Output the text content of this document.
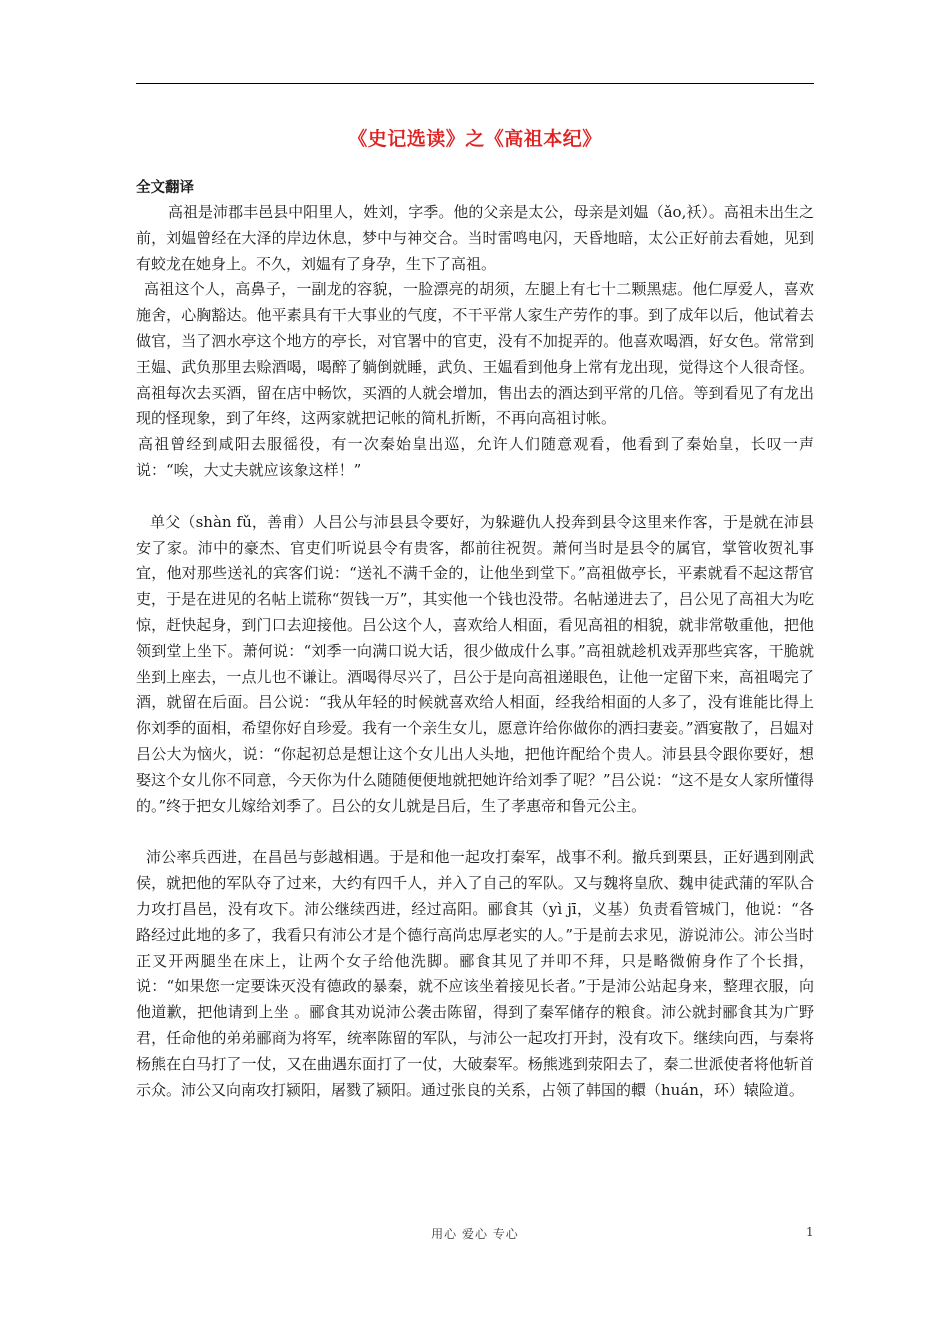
《史记选读》之《高祖本纪》
全文翻译

高祖是沛郡丰邑县中阳里人，姓刘，字季。他的父亲是太公，母亲是刘媪（ǎo,袄）。高祖未出生之前，刘媪曾经在大泽的岸边休息，梦中与神交合。当时雷鸣电闪，天昏地暗，太公正好前去看她，见到有蛟龙在她身上。不久，刘媪有了身孕，生下了高祖。

高祖这个人，高鼻子，一副龙的容貌，一脸漂亮的胡须，左腿上有七十二颗黑痣。他仁厚爱人，喜欢施舍，心胸豁达。他平素具有干大事业的气度，不干平常人家生产劳作的事。到了成年以后，他试着去做官，当了泗水亭这个地方的亭长，对官署中的官吏，没有不加捉弄的。他喜欢喝酒，好女色。常常到王媪、武负那里去赊酒喝，喝醉了躺倒就睡，武负、王媪看到他身上常有龙出现，觉得这个人很奇怪。高祖每次去买酒，留在店中畅饮，买酒的人就会增加，售出去的酒达到平常的几倍。等到看见了有龙出现的怪现象，到了年终，这两家就把记帐的简札折断，不再向高祖讨帐。

高祖曾经到咸阳去服徭役，有一次秦始皇出巡，允许人们随意观看，他看到了秦始皇，长叹一声说：“唉，大丈夫就应该象这样！”

单父（shàn fǔ，善甫）人吕公与沛县县令要好，为躲避仇人投奔到县令这里来作客，于是就在沛县安了家。沛中的豪杰、官吏们听说县令有贵客，都前往祝贺。萧何当时是县令的属官，掌管收贺礼事宜，他对那些送礼的宾客们说：“送礼不满千金的，让他坐到堂下。”高祖做亭长，平素就看不起这帮官吏，于是在进见的名帖上谎称“贺钱一万”，其实他一个钱也没带。名帖递进去了，吕公见了高祖大为吃惊，赶快起身，到门口去迎接他。吕公这个人，喜欢给人相面，看见高祖的相貌，就非常敬重他，把他领到堂上坐下。萧何说：“刘季一向满口说大话，很少做成什么事。”高祖就趁机戏弄那些宾客，干脆就坐到上座去，一点儿也不谦让。酒喝得尽兴了，吕公于是向高祖递眼色，让他一定留下来，高祖喝完了酒，就留在后面。吕公说：“我从年轻的时候就喜欢给人相面，经我给相面的人多了，没有谁能比得上你刘季的面相，希望你好自珍爱。我有一个亲生女儿，愿意许给你做你的洒扫妻妾。”酒宴散了，吕媪对吕公大为恼火，说：“你起初总是想让这个女儿出人头地，把他许配给个贵人。沛县县令跟你要好，想娶这个女儿你不同意，今天你为什么随随便便地就把她许给刘季了呢？”吕公说：“这不是女人家所懂得的。”终于把女儿嫁给刘季了。吕公的女儿就是吕后，生了孝惠帝和鲁元公主。

沛公率兵西进，在昌邑与彭越相遇。于是和他一起攻打秦军，战事不利。撤兵到栗县，正好遇到刚武侯，就把他的军队夺了过来，大约有四千人，并入了自己的军队。又与魏将皇欣、魏申徒武蒲的军队合力攻打昌邑，没有攻下。沛公继续西进，经过高阳。郦食其（yì jī，义基）负责看管城门，他说：“各路经过此地的多了，我看只有沛公才是个德行高尚忠厚老实的人。”于是前去求见，游说沛公。沛公当时正叉开两腿坐在床上，让两个女子给他洗脚。郦食其见了并叩不拜，只是略微俯身作了个长揖，说：“如果您一定要诛灭没有德政的暴秦，就不应该坐着接见长者。”于是沛公站起身来，整理衣服，向他道歉，把他请到上坐 。郦食其劝说沛公袭击陈留，得到了秦军储存的粮食。沛公就封郦食其为广野君，任命他的弟弟郦商为将军，统率陈留的军队，与沛公一起攻打开封，没有攻下。继续向西，与秦将杨熊在白马打了一仗，又在曲遇东面打了一仗，大破秦军。杨熊逃到荥阳去了，秦二世派使者将他斩首示众。沛公又向南攻打颍阳，屠戮了颍阳。通过张良的关系，占领了韩国的轘（huán，环）辕险道。

用心 爱心 专心	1
